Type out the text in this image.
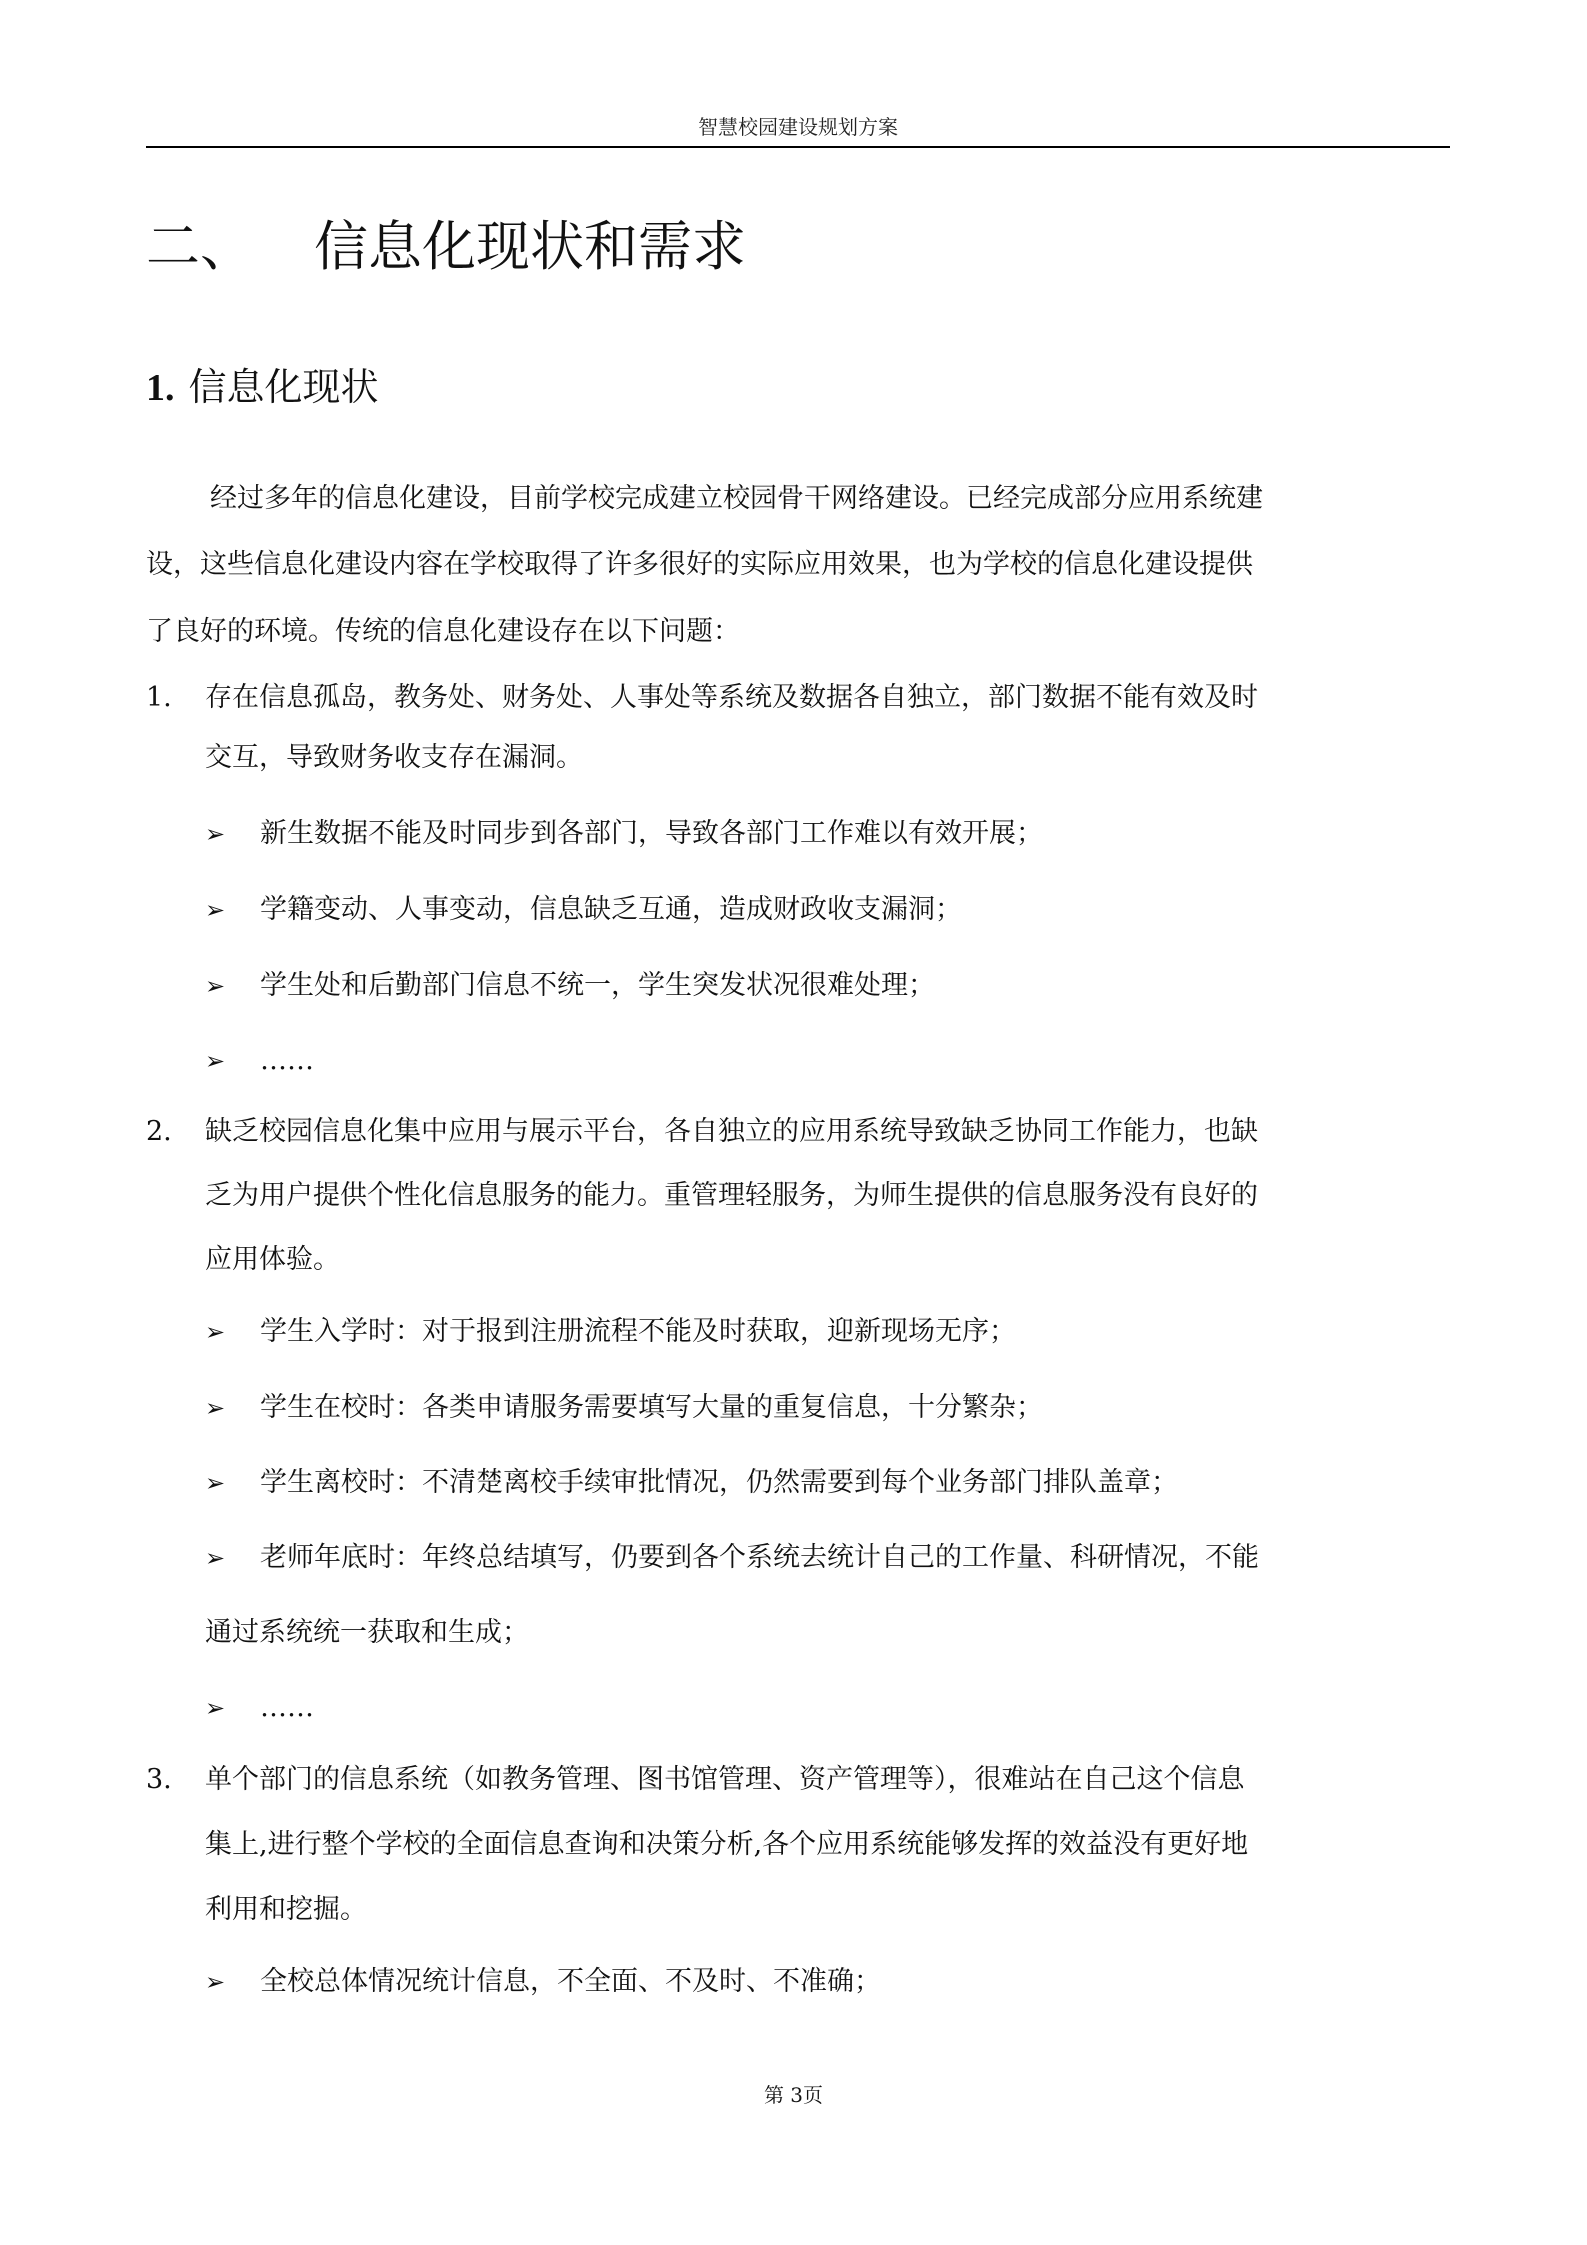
智慧校园建设规划方案
二、 信息化现状和需求
1. 信息化现状
经过多年的信息化建设，目前学校完成建立校园骨干网络建设。已经完成部分应用系统建
设，这些信息化建设内容在学校取得了许多很好的实际应用效果，也为学校的信息化建设提供
了良好的环境。传统的信息化建设存在以下问题：
1. 存在信息孤岛，教务处、财务处、人事处等系统及数据各自独立，部门数据不能有效及时
交互，导致财务收支存在漏洞。
➢ 新生数据不能及时同步到各部门，导致各部门工作难以有效开展；
➢ 学籍变动、人事变动，信息缺乏互通，造成财政收支漏洞；
➢ 学生处和后勤部门信息不统一，学生突发状况很难处理；
➢ ……
2. 缺乏校园信息化集中应用与展示平台，各自独立的应用系统导致缺乏协同工作能力，也缺
乏为用户提供个性化信息服务的能力。重管理轻服务，为师生提供的信息服务没有良好的
应用体验。
➢ 学生入学时：对于报到注册流程不能及时获取，迎新现场无序；
➢ 学生在校时：各类申请服务需要填写大量的重复信息，十分繁杂；
➢ 学生离校时：不清楚离校手续审批情况，仍然需要到每个业务部门排队盖章；
➢ 老师年底时：年终总结填写，仍要到各个系统去统计自己的工作量、科研情况，不能
通过系统统一获取和生成；
➢ ……
3. 单个部门的信息系统（如教务管理、图书馆管理、资产管理等），很难站在自己这个信息
集上,进行整个学校的全面信息查询和决策分析,各个应用系统能够发挥的效益没有更好地
利用和挖掘。
➢ 全校总体情况统计信息，不全面、不及时、不准确；
第 3页
